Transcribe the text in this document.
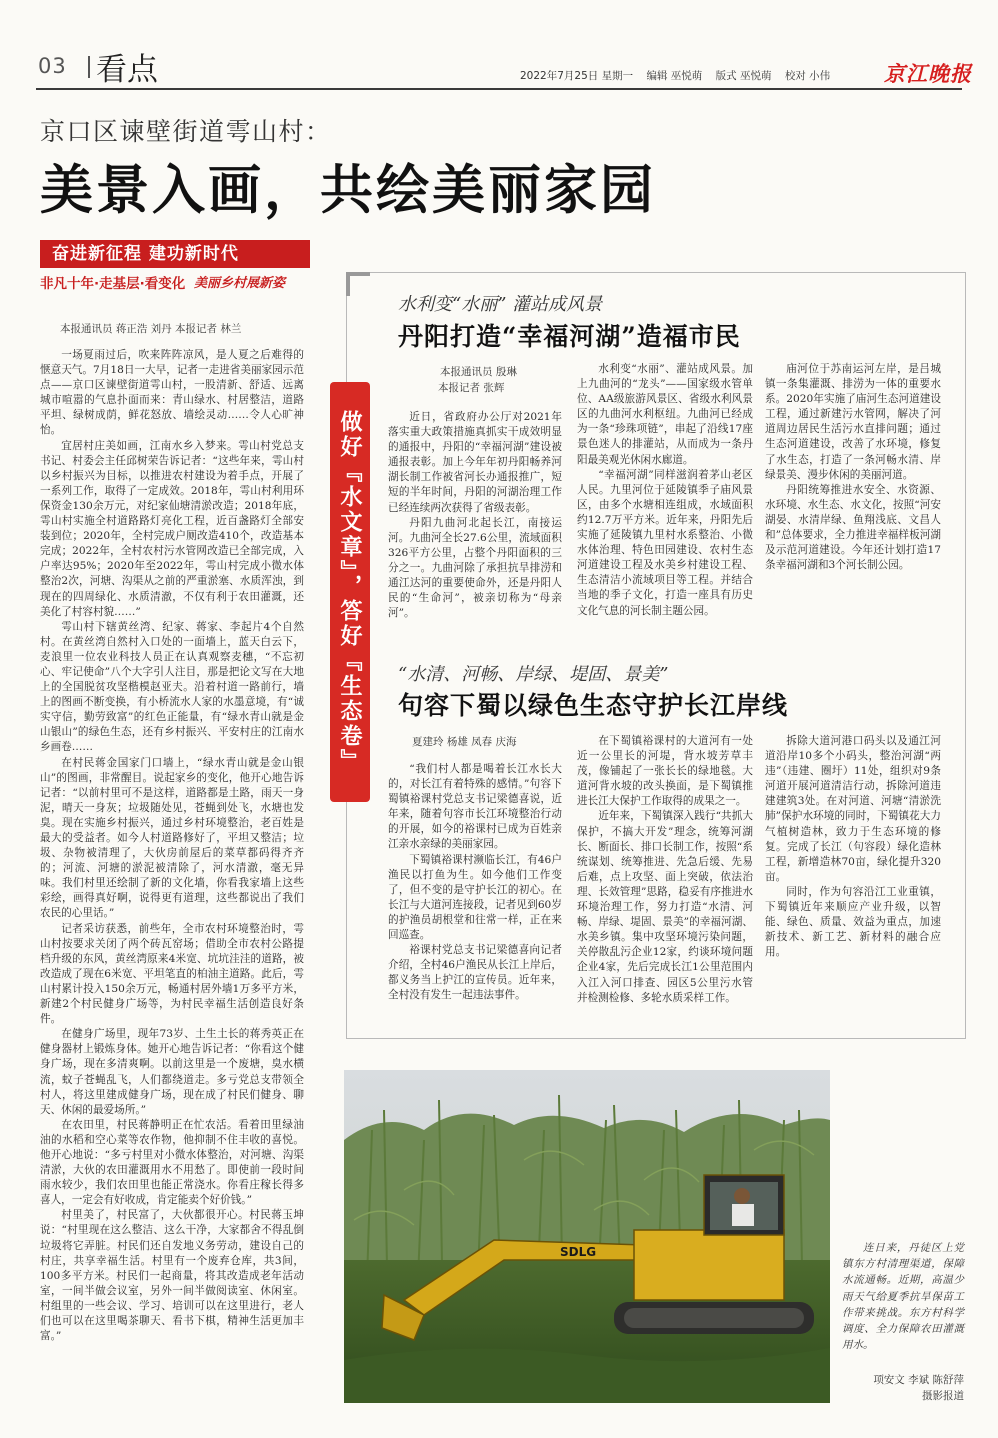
03 看点	2022年7月25日 星期一 编辑 巫悦萌 版式 巫悦萌 校对 小伟	京江晚报
京口区谏壁街道雩山村：
美景入画，共绘美丽家园
奋进新征程 建功新时代
非凡十年·走基层·看变化 美丽乡村展新姿
本报通讯员 蒋正浩 刘丹 本报记者 林兰

一场夏雨过后，吹来阵阵凉风，是人夏之后难得的惬意天气。7月18日一大早，记者一走进省美丽家园示范点——京口区谏壁街道雩山村，一股清新、舒适、远离城市喧嚣的气息扑面而来：青山绿水、村居整洁，道路平坦、绿树成荫，鲜花怒放、墙绘灵动……令人心旷神怡。

宜居村庄美如画，江南水乡入梦来。雩山村党总支书记、村委会主任邱树荣告诉记者：“这些年来，雩山村以乡村振兴为目标，以推进农村建设为着手点，开展了一系列工作，取得了一定成效。2018年，雩山村利用环保资金130余万元，对纪家仙塘清淤改造；2018年底，雩山村实施全村道路路灯亮化工程，近百盏路灯全部安装到位；2020年，全村完成户厕改造410个，改造基本完成；2022年，全村农村污水管网改造已全部完成，入户率达95%；2020年至2022年，雩山村完成小微水体整治2次，河塘、沟渠从之前的严重淤塞、水质浑浊，到现在的四周绿化、水质清澈，不仅有利于农田灌溉，还美化了村容村貌……”

雩山村下辖黄丝湾、纪家、蒋家、李起片4个自然村。在黄丝湾自然村入口处的一面墙上，蓝天白云下，麦浪里一位农业科技人员正在认真观察麦穗，“不忘初心、牢记使命”八个大字引人注目，那是把论文写在大地上的全国脱贫攻坚楷模赵亚夫。沿着村道一路前行，墙上的图画不断变换，有小桥流水人家的水墨意境，有“诚实守信，勤劳致富”的红色正能量，有“绿水青山就是金山银山”的绿色生态，还有乡村振兴、平安村庄的江南水乡画卷……

在村民蒋金国家门口墙上，“绿水青山就是金山银山”的图画，非常醒目。说起家乡的变化，他开心地告诉记者：“以前村里可不是这样，道路都是土路，雨天一身泥，晴天一身灰；垃圾随处见，苍蝇到处飞，水塘也发臭。现在实施乡村振兴，通过乡村环境整治，老百姓是最大的受益者。如今人村道路修好了，平坦又整洁；垃圾、杂物被清理了，大伙房前屋后的菜草都码得齐齐的；河流、河塘的淤泥被清除了，河水清澈，毫无异味。我们村里还绘制了新的文化墙，你看我家墙上这些彩绘，画得真好啊，说得更有道理，这些都说出了我们农民的心里话。”

记者采访获悉，前些年，全市农村环境整治时，雩山村按要求关闭了两个砖瓦窑场；借助全市农村公路提档升级的东风，黄丝湾原来4米宽、坑坑洼洼的道路，被改造成了现在6米宽、平坦笔直的柏油主道路。此后，雩山村累计投入150余万元，畅通村居外墙1万多平方米，新建2个村民健身广场等，为村民幸福生活创造良好条件。

在健身广场里，现年73岁、土生土长的蒋秀英正在健身器材上锻炼身体。她开心地告诉记者：“你看这个健身广场，现在多清爽啊。以前这里是一个废塘，臭水横流，蚊子苍蝇乱飞，人们都绕道走。多亏党总支带领全村人，将这里建成健身广场，现在成了村民们健身、聊天、休闲的最爱场所。”

在农田里，村民蒋静明正在忙农活。看着田里绿油油的水稻和空心菜等农作物，他抑制不住丰收的喜悦。他开心地说：“多亏村里对小微水体整治，对河塘、沟渠清淤，大伙的农田灌溉用水不用愁了。即使前一段时间雨水较少，我们农田里也能正常浇水。你看庄稼长得多喜人，一定会有好收成，肯定能卖个好价钱。”

村里美了，村民富了，大伙都很开心。村民蒋玉坤说：“村里现在这么整洁、这么干净，大家都舍不得乱倒垃圾将它弄脏。村民们还自发地义务劳动，建设自己的村庄，共享幸福生活。村里有一个废弃仓库，共3间，100多平方米。村民们一起商量，将其改造成老年活动室，一间半做会议室，另外一间半做阅读室、休闲室。村组里的一些会议、学习、培训可以在这里进行，老人们也可以在这里喝茶聊天、看书下棋，精神生活更加丰富。”

做好『水文章』，答好『生态卷』
水利变“水丽” 灌站成风景
丹阳打造“幸福河湖”造福市民
本报通讯员 殷琳
本报记者 张辉

近日，省政府办公厅对2021年落实重大政策措施真抓实干成效明显的通报中，丹阳的“幸福河湖”建设被通报表彰。加上今年年初丹阳畅养河湖长制工作被省河长办通报推广，短短的半年时间，丹阳的河湖治理工作已经连续两次获得了省级表彰。

丹阳九曲河北起长江，南接运河。九曲河全长27.6公里，流域面积326平方公里，占整个丹阳面积的三分之一。九曲河除了承担抗旱排涝和通江达河的重要使命外，还是丹阳人民的“生命河”，被亲切称为“母亲河”。

水利变“水丽”、灌站成风景。加上九曲河的“龙头”——国家级水管单位、AA级旅游风景区、省级水利风景区的九曲河水利枢纽。九曲河已经成为一条“珍珠项链”，串起了沿线17座景色迷人的排灌站，从而成为一条丹阳最美观光休闲水廊道。

“幸福河湖”同样滋润着茅山老区人民。九里河位于延陵镇季子庙风景区，由多个水塘相连组成，水域面积约12.7万平方米。近年来，丹阳先后实施了延陵镇九里村水系整治、小微水体治理、特色田园建设、农村生态河道建设工程及水美乡村建设工程、生态清洁小流域项目等工程。并结合当地的季子文化，打造一座具有历史文化气息的河长制主题公园。

庙河位于苏南运河左岸，是吕城镇一条集灌溉、排涝为一体的重要水系。2020年实施了庙河生态河道建设工程，通过新建污水管网，解决了河道周边居民生活污水直排问题；通过生态河道建设，改善了水环境，修复了水生态，打造了一条河畅水清、岸绿景美、漫步休闲的美丽河道。

丹阳统筹推进水安全、水资源、水环境、水生态、水文化，按照“河安湖晏、水清岸绿、鱼翔浅底、文昌人和”总体要求，全力推进幸福样板河湖及示范河道建设。今年还计划打造17条幸福河湖和3个河长制公园。

“水清、河畅、岸绿、堤固、景美”
句容下蜀以绿色生态守护长江岸线
夏建玲 杨雄 凤春 庆海

“我们村人都是喝着长江水长大的，对长江有着特殊的感情。”句容下蜀镇裕课村党总支书记梁德喜说，近年来，随着句容市长江环境整治行动的开展，如今的裕课村已成为百姓亲江亲水亲绿的美丽家园。

下蜀镇裕课村濒临长江，有46户渔民以打鱼为生。如今他们工作变了，但不变的是守护长江的初心。在长江与大道河连接段，记者见到60岁的护渔员胡根堂和往常一样，正在来回巡查。

裕课村党总支书记梁德喜向记者介绍，全村46户渔民从长江上岸后，都义务当上护江的宣传员。近年来，全村没有发生一起违法事件。

在下蜀镇裕课村的大道河有一处近一公里长的河堤，背水坡芳草丰茂，像铺起了一张长长的绿地毯。大道河背水坡的改头换面，是下蜀镇推进长江大保护工作取得的成果之一。

近年来，下蜀镇深入践行“共抓大保护，不搞大开发”理念，统筹河湖长、断面长、排口长制工作，按照“系统谋划、统筹推进、先急后缓、先易后难，点上攻坚、面上突破，依法治理、长效管理”思路，稳妥有序推进水环境治理工作，努力打造“水清、河畅、岸绿、堤固、景美”的幸福河湖、水美乡镇。集中攻坚环境污染问题，关停散乱污企业12家，约谈环境问题企业4家，先后完成长江1公里范围内入江入河口排查、园区5公里污水管并检测检修、多轮水质采样工作。

拆除大道河港口码头以及通江河道沿岸10多个小码头，整治河湖“两违”（违建、圈圩）11处，组织对9条河道开展河道清洁行动，拆除河道违建建筑3处。在对河道、河塘“清淤洗肺”保护水环境的同时，下蜀镇花大力气植树造林，致力于生态环境的修复。完成了长江（句容段）绿化造林工程，新增造林70亩，绿化提升320亩。

同时，作为句容沿江工业重镇，下蜀镇近年来顺应产业升级，以智能、绿色、质量、效益为重点，加速新技术、新工艺、新材料的融合应用。

SDLG	连日来，丹徒区上党镇东方村清理渠道，保障水流通畅。近期，高温少雨天气给夏季抗旱保苗工作带来挑战。东方村科学调度、全力保障农田灌溉用水。

项安文 李斌 陈舒萍
摄影报道
